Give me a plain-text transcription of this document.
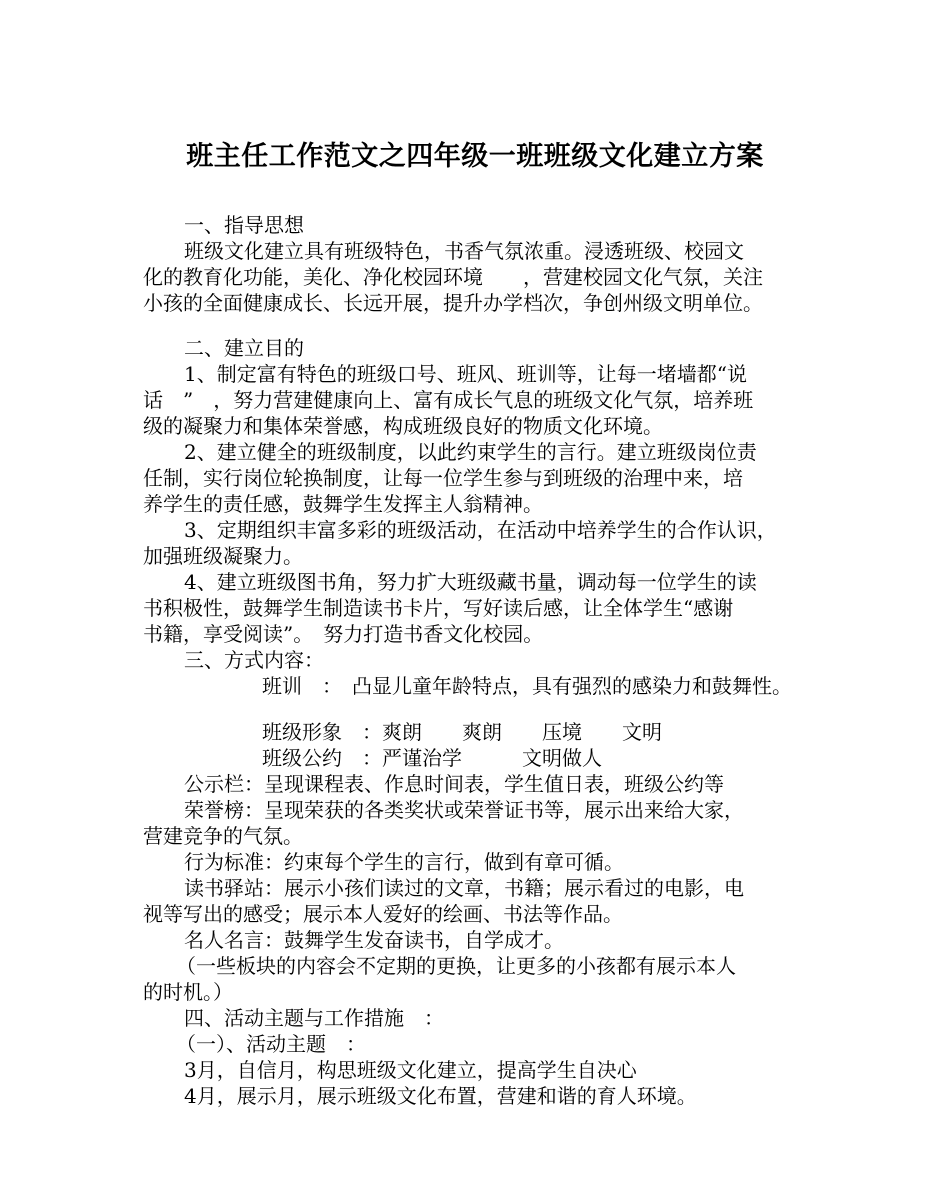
班主任工作范文之四年级一班班级文化建立方案
一、指导思想
班级文化建立具有班级特色，书香气氛浓重。浸透班级、校园文
化的教育化功能，美化、净化校园环境　　，营建校园文化气氛，关注
小孩的全面健康成长、长远开展，提升办学档次，争创州级文明单位。
二、建立目的
1、制定富有特色的班级口号、班风、班训等，让每一堵墙都“说
话　”　，努力营建健康向上、富有成长气息的班级文化气氛，培养班
级的凝聚力和集体荣誉感，构成班级良好的物质文化环境。
2、建立健全的班级制度，以此约束学生的言行。建立班级岗位责
任制，实行岗位轮换制度，让每一位学生参与到班级的治理中来，培
养学生的责任感，鼓舞学生发挥主人翁精神。
3、定期组织丰富多彩的班级活动，在活动中培养学生的合作认识，
加强班级凝聚力。
4、建立班级图书角，努力扩大班级藏书量，调动每一位学生的读
书积极性，鼓舞学生制造读书卡片，写好读后感，让全体学生“感谢
书籍，享受阅读”。　努力打造书香文化校园。
三、方式内容：
班训　：　凸显儿童年龄特点，具有强烈的感染力和鼓舞性。
班级形象　：爽朗　　爽朗　　压境　　文明
班级公约　：严谨治学　　　文明做人
公示栏：呈现课程表、作息时间表，学生值日表，班级公约等
荣誉榜：呈现荣获的各类奖状或荣誉证书等，展示出来给大家，
营建竞争的气氛。
行为标准：约束每个学生的言行，做到有章可循。
读书驿站：展示小孩们读过的文章，书籍；展示看过的电影，电
视等写出的感受；展示本人爱好的绘画、书法等作品。
名人名言：鼓舞学生发奋读书，自学成才。
（一些板块的内容会不定期的更换，让更多的小孩都有展示本人
的时机。）
四、活动主题与工作措施　：
（一）、活动主题　：
3月，自信月，构思班级文化建立，提高学生自决心
4月，展示月，展示班级文化布置，营建和谐的育人环境。
